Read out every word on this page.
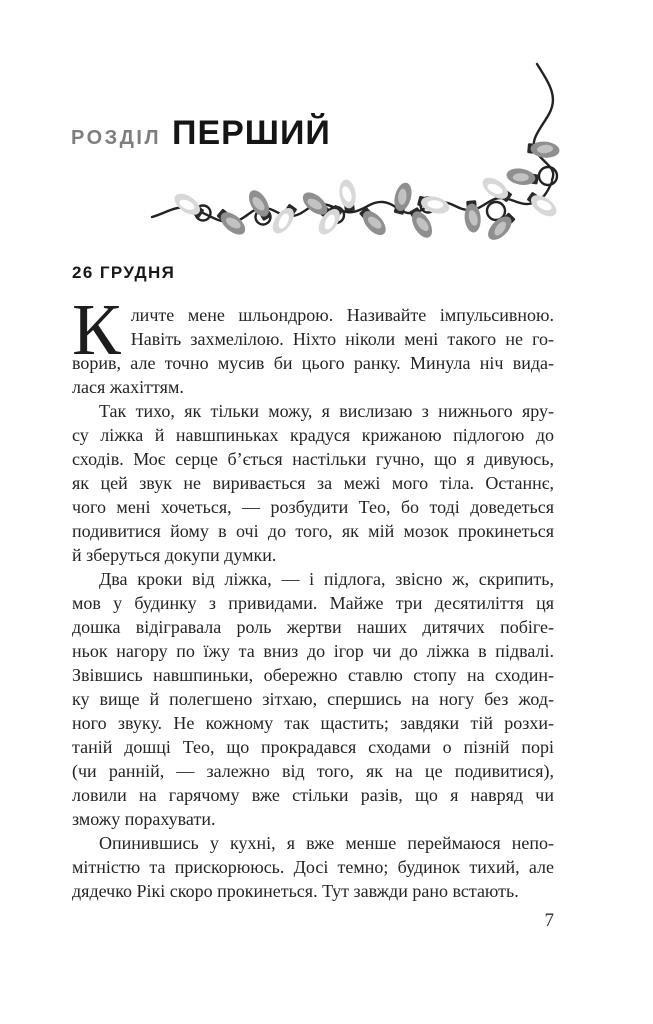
РОЗДІЛ ПЕРШИЙ
26 ГРУДНЯ
К личте мене шльондрою. Називайте імпульсивною.
Навіть захмелілою. Ніхто ніколи мені такого не го-
ворив, але точно мусив би цього ранку. Минула ніч вида-
лася жахіттям.
Так тихо, як тільки можу, я вислизаю з нижнього яру-
су ліжка й навшпиньках крадуся крижаною підлогою до
сходів. Моє серце б’ється настільки гучно, що я дивуюсь,
як цей звук не виривається за межі мого тіла. Останнє,
чого мені хочеться, — розбудити Тео, бо тоді доведеться
подивитися йому в очі до того, як мій мозок прокинеться
й зберуться докупи думки.
Два кроки від ліжка, — і підлога, звісно ж, скрипить,
мов у будинку з привидами. Майже три десятиліття ця
дошка відігравала роль жертви наших дитячих побіге-
ньок нагору по їжу та вниз до ігор чи до ліжка в підвалі.
Звівшись навшпиньки, обережно ставлю стопу на сходин-
ку вище й полегшено зітхаю, спершись на ногу без жод-
ного звуку. Не кожному так щастить; завдяки тій розхи-
таній дошці Тео, що прокрадався сходами о пізній порі
(чи ранній, — залежно від того, як на це подивитися),
ловили на гарячому вже стільки разів, що я навряд чи
зможу порахувати.
Опинившись у кухні, я вже менше переймаюся непо-
мітністю та прискорююсь. Досі темно; будинок тихий, але
дядечко Рікі скоро прокинеться. Тут завжди рано встають.
7
